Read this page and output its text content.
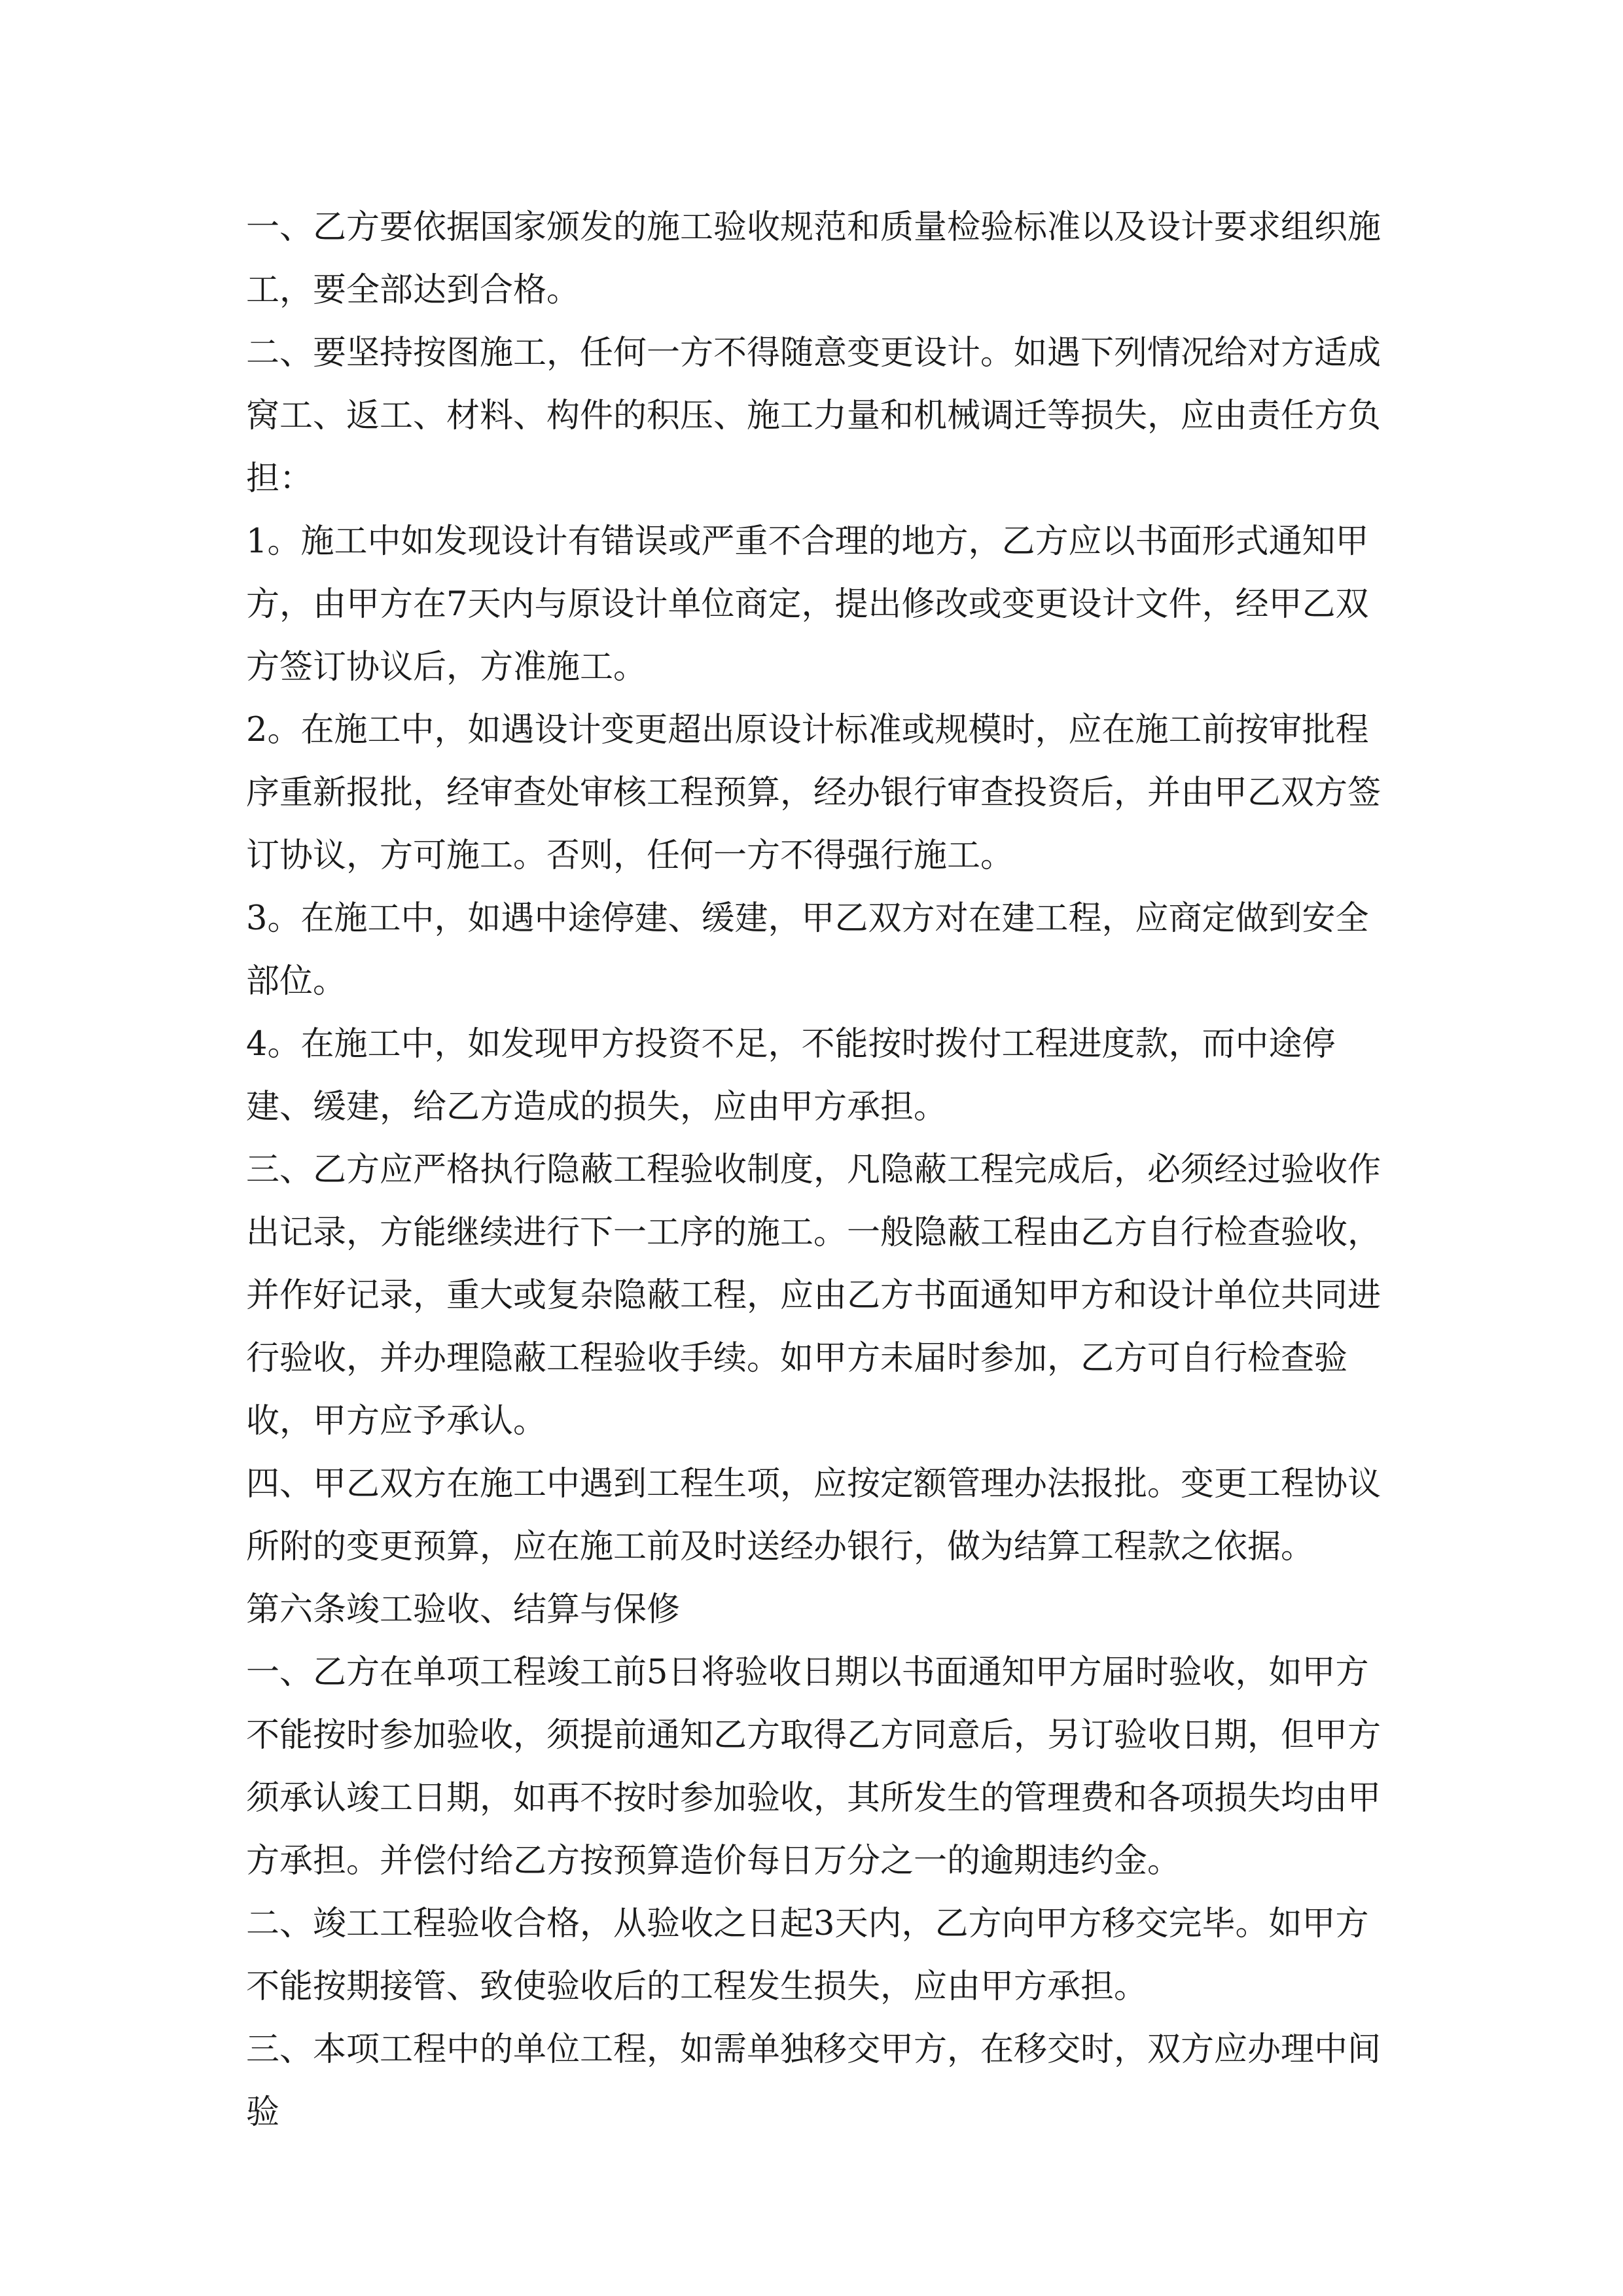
一、乙方要依据国家颁发的施工验收规范和质量检验标准以及设计要求组织施工，要全部达到合格。

二、要坚持按图施工，任何一方不得随意变更设计。如遇下列情况给对方适成窝工、返工、材料、构件的积压、施工力量和机械调迁等损失，应由责任方负担：

1。施工中如发现设计有错误或严重不合理的地方，乙方应以书面形式通知甲方，由甲方在7天内与原设计单位商定，提出修改或变更设计文件，经甲乙双方签订协议后，方准施工。

2。在施工中，如遇设计变更超出原设计标准或规模时，应在施工前按审批程序重新报批，经审查处审核工程预算，经办银行审查投资后，并由甲乙双方签订协议，方可施工。否则，任何一方不得强行施工。

3。在施工中，如遇中途停建、缓建，甲乙双方对在建工程，应商定做到安全部位。

4。在施工中，如发现甲方投资不足，不能按时拨付工程进度款，而中途停建、缓建，给乙方造成的损失，应由甲方承担。

三、乙方应严格执行隐蔽工程验收制度，凡隐蔽工程完成后，必须经过验收作出记录，方能继续进行下一工序的施工。一般隐蔽工程由乙方自行检查验收，并作好记录，重大或复杂隐蔽工程，应由乙方书面通知甲方和设计单位共同进行验收，并办理隐蔽工程验收手续。如甲方未届时参加，乙方可自行检查验收，甲方应予承认。

四、甲乙双方在施工中遇到工程生项，应按定额管理办法报批。变更工程协议所附的变更预算，应在施工前及时送经办银行，做为结算工程款之依据。

第六条竣工验收、结算与保修

一、乙方在单项工程竣工前5日将验收日期以书面通知甲方届时验收，如甲方不能按时参加验收，须提前通知乙方取得乙方同意后，另订验收日期，但甲方须承认竣工日期，如再不按时参加验收，其所发生的管理费和各项损失均由甲方承担。并偿付给乙方按预算造价每日万分之一的逾期违约金。

二、竣工工程验收合格，从验收之日起3天内，乙方向甲方移交完毕。如甲方不能按期接管、致使验收后的工程发生损失，应由甲方承担。

三、本项工程中的单位工程，如需单独移交甲方，在移交时，双方应办理中间验
